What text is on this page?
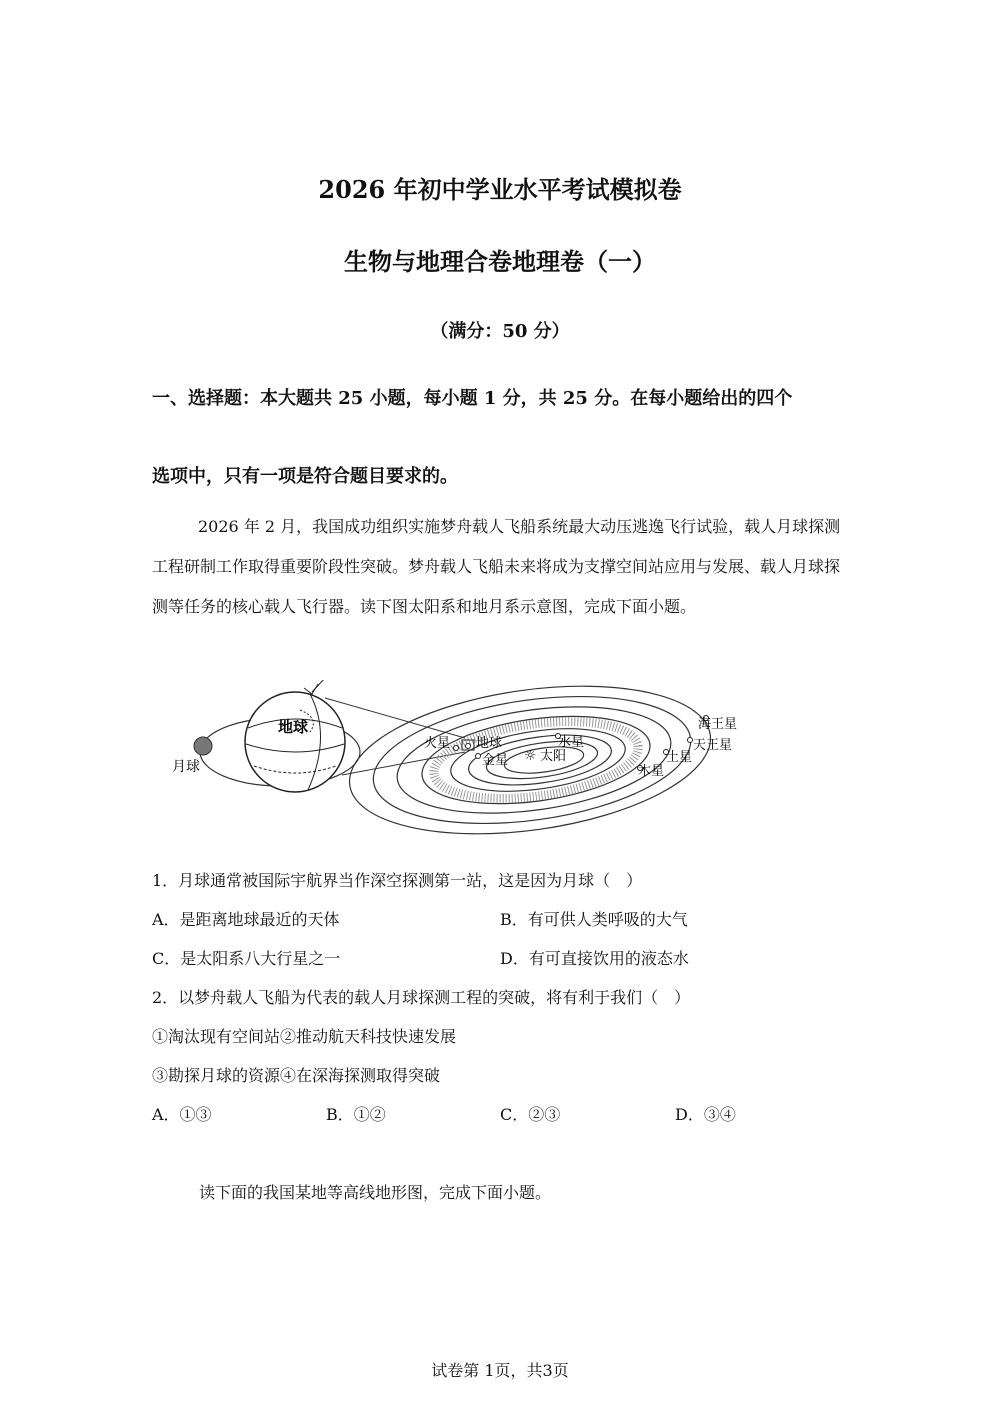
2026 年初中学业水平考试模拟卷
生物与地理合卷地理卷（一）
（满分：50 分）
一、选择题：本大题共 25 小题，每小题 1 分，共 25 分。在每小题给出的四个
选项中，只有一项是符合题目要求的。
2026 年 2 月，我国成功组织实施梦舟载人飞船系统最大动压逃逸飞行试验，载人月球探测工程研制工作取得重要阶段性突破。梦舟载人飞船未来将成为支撑空间站应用与发展、载人月球探测等任务的核心载人飞行器。读下图太阳系和地月系示意图，完成下面小题。
月球
地球
☼ 太阳
火星 地球
金星
水星
木星
土星
天王星
海王星
1．月球通常被国际宇航界当作深空探测第一站，这是因为月球（　）
A．是距离地球最近的天体	B．有可供人类呼吸的大气
C．是太阳系八大行星之一	D．有可直接饮用的液态水
2．以梦舟载人飞船为代表的载人月球探测工程的突破，将有利于我们（　）
①淘汰现有空间站②推动航天科技快速发展
③勘探月球的资源④在深海探测取得突破
A．①③	B．①②	C．②③	D．③④
读下面的我国某地等高线地形图，完成下面小题。
试卷第 1页，共3页
